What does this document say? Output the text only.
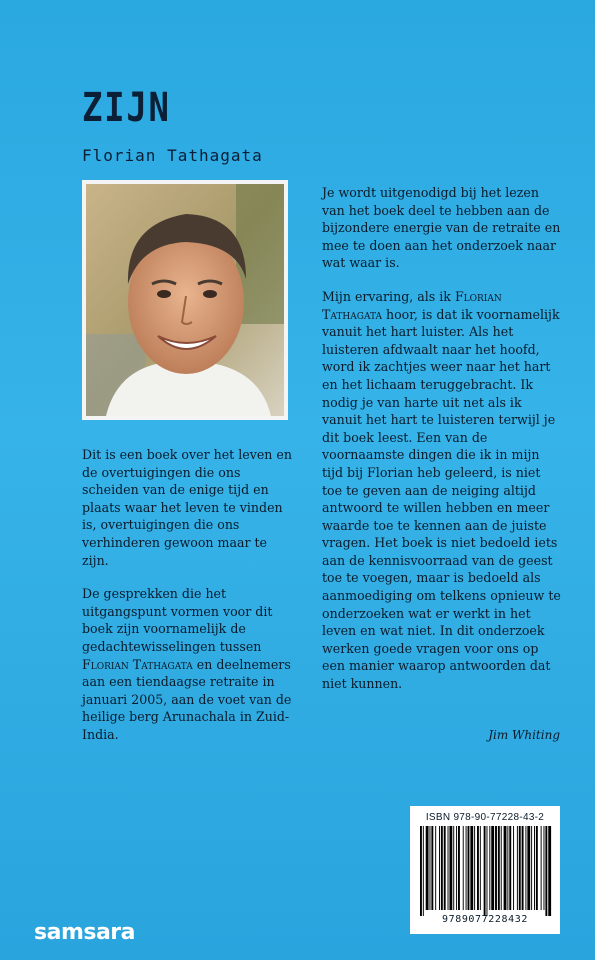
ZIJN
Florian Tathagata

Dit is een boek over het leven en de overtuigingen die ons scheiden van de enige tijd en plaats waar het leven te vinden is, overtuigingen die ons verhinderen gewoon maar te zijn.

De gesprekken die het uitgangspunt vormen voor dit boek zijn voornamelijk de gedachtewisselingen tussen Florian Tathagata en deelnemers aan een tiendaagse retraite in januari 2005, aan de voet van de heilige berg Arunachala in Zuid-India.

Je wordt uitgenodigd bij het lezen van het boek deel te hebben aan de bijzondere energie van de retraite en mee te doen aan het onderzoek naar wat waar is.

Mijn ervaring, als ik Florian Tathagata hoor, is dat ik voornamelijk vanuit het hart luister. Als het luisteren afdwaalt naar het hoofd, word ik zachtjes weer naar het hart en het lichaam teruggebracht. Ik nodig je van harte uit net als ik vanuit het hart te luisteren terwijl je dit boek leest. Een van de voornaamste dingen die ik in mijn tijd bij Florian heb geleerd, is niet toe te geven aan de neiging altijd antwoord te willen hebben en meer waarde toe te kennen aan de juiste vragen. Het boek is niet bedoeld iets aan de kennisvoorraad van de geest toe te voegen, maar is bedoeld als aanmoediging om telkens opnieuw te onderzoeken wat er werkt in het leven en wat niet. In dit onderzoek werken goede vragen voor ons op een manier waarop antwoorden dat niet kunnen.

Jim Whiting
ISBN 978-90-77228-43-2
9789077228432
samsara
